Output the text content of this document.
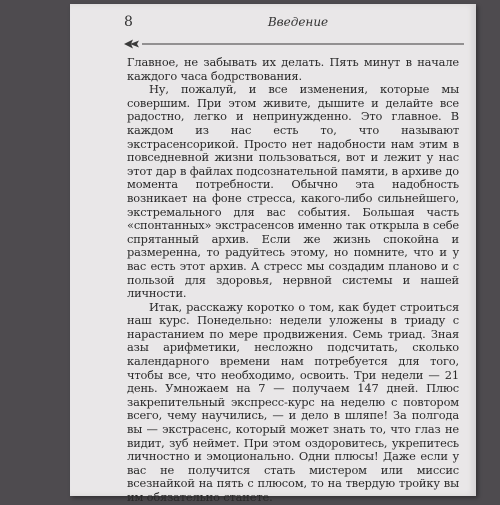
8	Введение

Главное, не забывать их делать. Пять минут в начале каждого часа бодрствования.

Ну, пожалуй, и все изменения, которые мы совершим. При этом живите, дышите и делайте все радостно, легко и непринужденно. Это главное. В каждом из нас есть то, что называют экстрасенсорикой. Просто нет надобности нам этим в повседневной жизни пользоваться, вот и лежит у нас этот дар в файлах подсознательной памяти, в архиве до момента потребности. Обычно эта надобность возникает на фоне стресса, какого-либо сильнейшего, экстремального для вас события. Большая часть «спонтанных» экстрасенсов именно так открыла в себе спрятанный архив. Если же жизнь спокойна и размеренна, то радуйтесь этому, но помните, что и у вас есть этот архив. А стресс мы создадим планово и с пользой для здоровья, нервной системы и нашей личности.

Итак, расскажу коротко о том, как будет строиться наш курс. Понедельно: недели уложены в триаду с нарастанием по мере продвижения. Семь триад. Зная азы арифметики, несложно подсчитать, сколько календарного времени нам потребуется для того, чтобы все, что необходимо, освоить. Три недели — 21 день. Умножаем на 7 — получаем 147 дней. Плюс закрепительный экспресс-курс на неделю с повтором всего, чему научились, — и дело в шляпе! За полгода вы — экстрасенс, который может знать то, что глаз не видит, зуб неймет. При этом оздоровитесь, укрепитесь личностно и эмоционально. Одни плюсы! Даже если у вас не получится стать мистером или миссис всезнайкой на пять с плюсом, то на твердую тройку вы им обязательно станете.
